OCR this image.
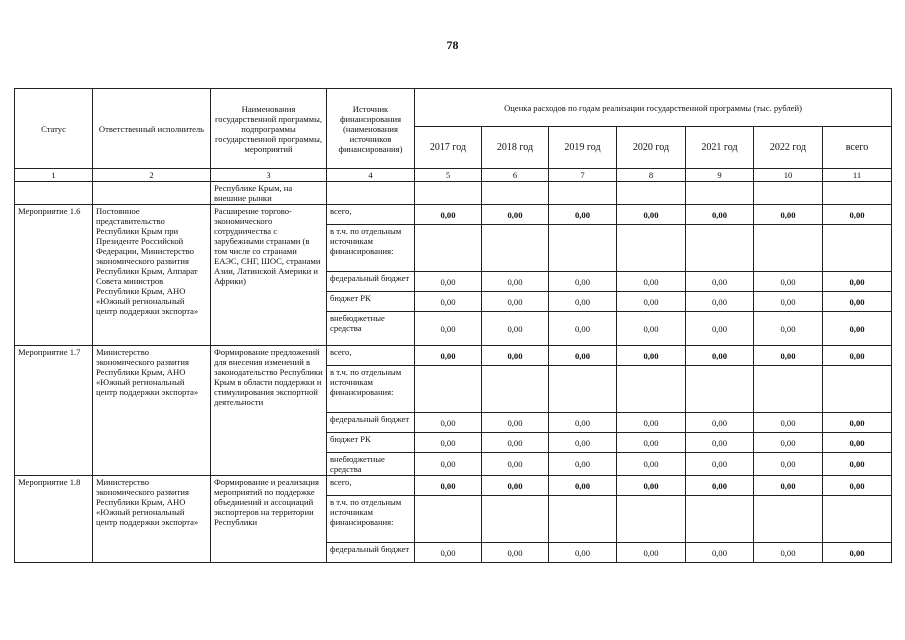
78
Статус	Ответственный исполнитель	Наименования государственной программы, подпрограммы государственной программы, мероприятий	Источник финансирования (наименования источников финансирования)	Оценка расходов по годам реализации государственной программы (тыс. рублей)						
				2017 год	2018 год	2019 год	2020 год	2021 год	2022 год	всего
1	2	3	4	5	6	7	8	9	10	11
		Республике Крым, на внешние рынки								
Мероприятие 1.6	Постоянное представительство Республики Крым при Президенте Российской Федерации, Министерство экономического развития Республики Крым, Аппарат Совета министров Республики Крым, АНО «Южный региональный центр поддержки экспорта»	Расширение торгово-экономического сотрудничества с зарубежными странами (в том числе со странами ЕАЭС, СНГ, ШОС, странами Азии, Латинской Америки и Африки)	всего,	0,00	0,00	0,00	0,00	0,00	0,00	0,00
			в т.ч. по отдельным источникам финансирования:							
			федеральный бюджет	0,00	0,00	0,00	0,00	0,00	0,00	0,00
			бюджет РК	0,00	0,00	0,00	0,00	0,00	0,00	0,00
			внебюджетные средства	0,00	0,00	0,00	0,00	0,00	0,00	0,00
Мероприятие 1.7	Министерство экономического развития Республики Крым, АНО «Южный региональный центр поддержки экспорта»	Формирование предложений для внесения изменений в законодательство Республики Крым в области поддержки и стимулирования экспортной деятельности	всего,	0,00	0,00	0,00	0,00	0,00	0,00	0,00
			в т.ч. по отдельным источникам финансирования:							
			федеральный бюджет	0,00	0,00	0,00	0,00	0,00	0,00	0,00
			бюджет РК	0,00	0,00	0,00	0,00	0,00	0,00	0,00
			внебюджетные средства	0,00	0,00	0,00	0,00	0,00	0,00	0,00
Мероприятие 1.8	Министерство экономического развития Республики Крым, АНО «Южный региональный центр поддержки экспорта»	Формирование и реализация мероприятий по поддержке объединений и ассоциаций экспортеров на территории Республики	всего,	0,00	0,00	0,00	0,00	0,00	0,00	0,00
			в т.ч. по отдельным источникам финансирования:							
			федеральный бюджет	0,00	0,00	0,00	0,00	0,00	0,00	0,00
